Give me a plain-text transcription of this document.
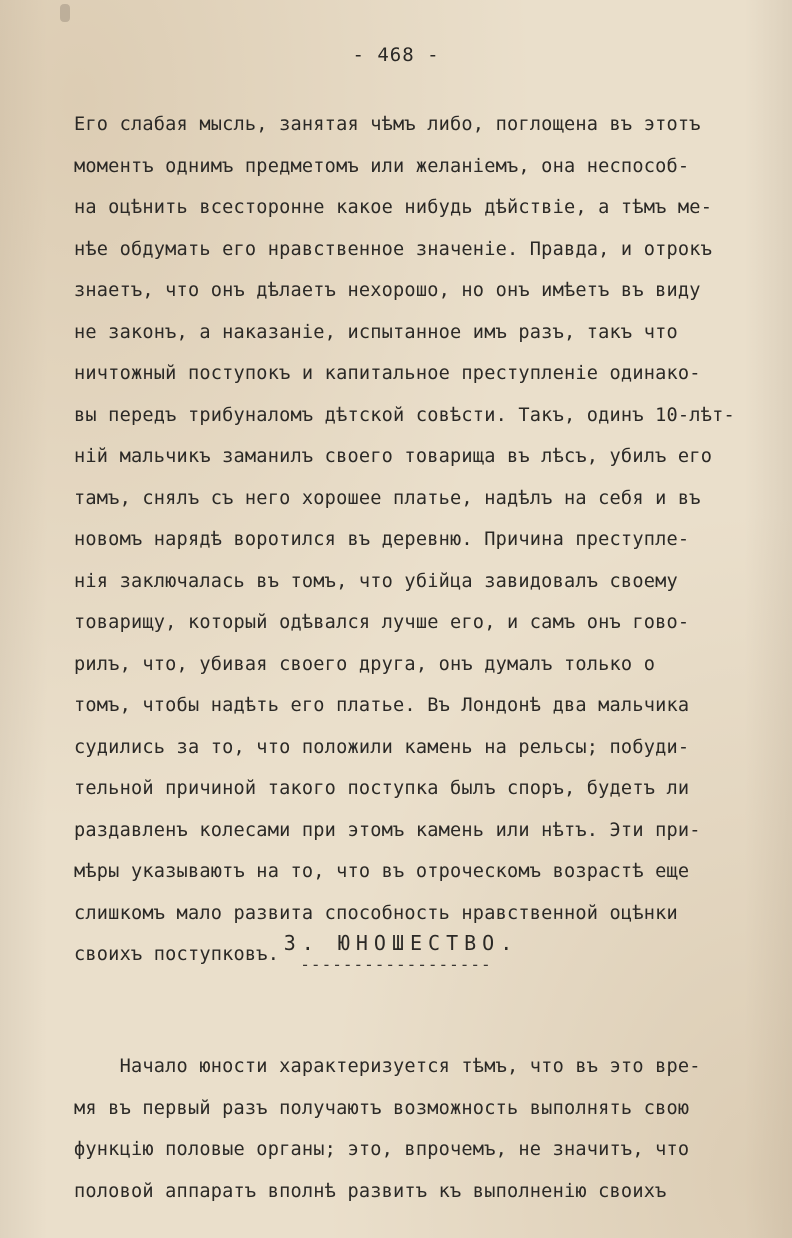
- 468 -
Его слабая мысль, занятая чѣмъ либо, поглощена въ этотъ
моментъ однимъ предметомъ или желаніемъ, она неспособ-
на оцѣнить всесторонне какое нибудь дѣйствіе, а тѣмъ ме-
нѣе обдумать его нравственное значеніе. Правда, и отрокъ
знаетъ, что онъ дѣлаетъ нехорошо, но онъ имѣетъ въ виду
не законъ, а наказаніе, испытанное имъ разъ, такъ что
ничтожный поступокъ и капитальное преступленіе одинако-
вы передъ трибуналомъ дѣтской совѣсти. Такъ, одинъ 10-лѣт-
ній мальчикъ заманилъ своего товарища въ лѣсъ, убилъ его
тамъ, снялъ съ него хорошее платье, надѣлъ на себя и въ
новомъ нарядѣ воротился въ деревню. Причина преступле-
нія заключалась въ томъ, что убійца завидовалъ своему
товарищу, который одѣвался лучше его, и самъ онъ гово-
рилъ, что, убивая своего друга, онъ думалъ только о
томъ, чтобы надѣть его платье. Въ Лондонѣ два мальчика
судились за то, что положили камень на рельсы; побуди-
тельной причиной такого поступка былъ споръ, будетъ ли
раздавленъ колесами при этомъ камень или нѣтъ. Эти при-
мѣры указываютъ на то, что въ отроческомъ возрастѣ еще
слишкомъ мало развита способность нравственной оцѣнки
своихъ поступковъ. 3. ЮНОШЕСТВО.
------------------
Начало юности характеризуется тѣмъ, что въ это вре-
мя въ первый разъ получаютъ возможность выполнять свою
функцію половые органы; это, впрочемъ, не значитъ, что
половой аппаратъ вполнѣ развитъ къ выполненію своихъ
